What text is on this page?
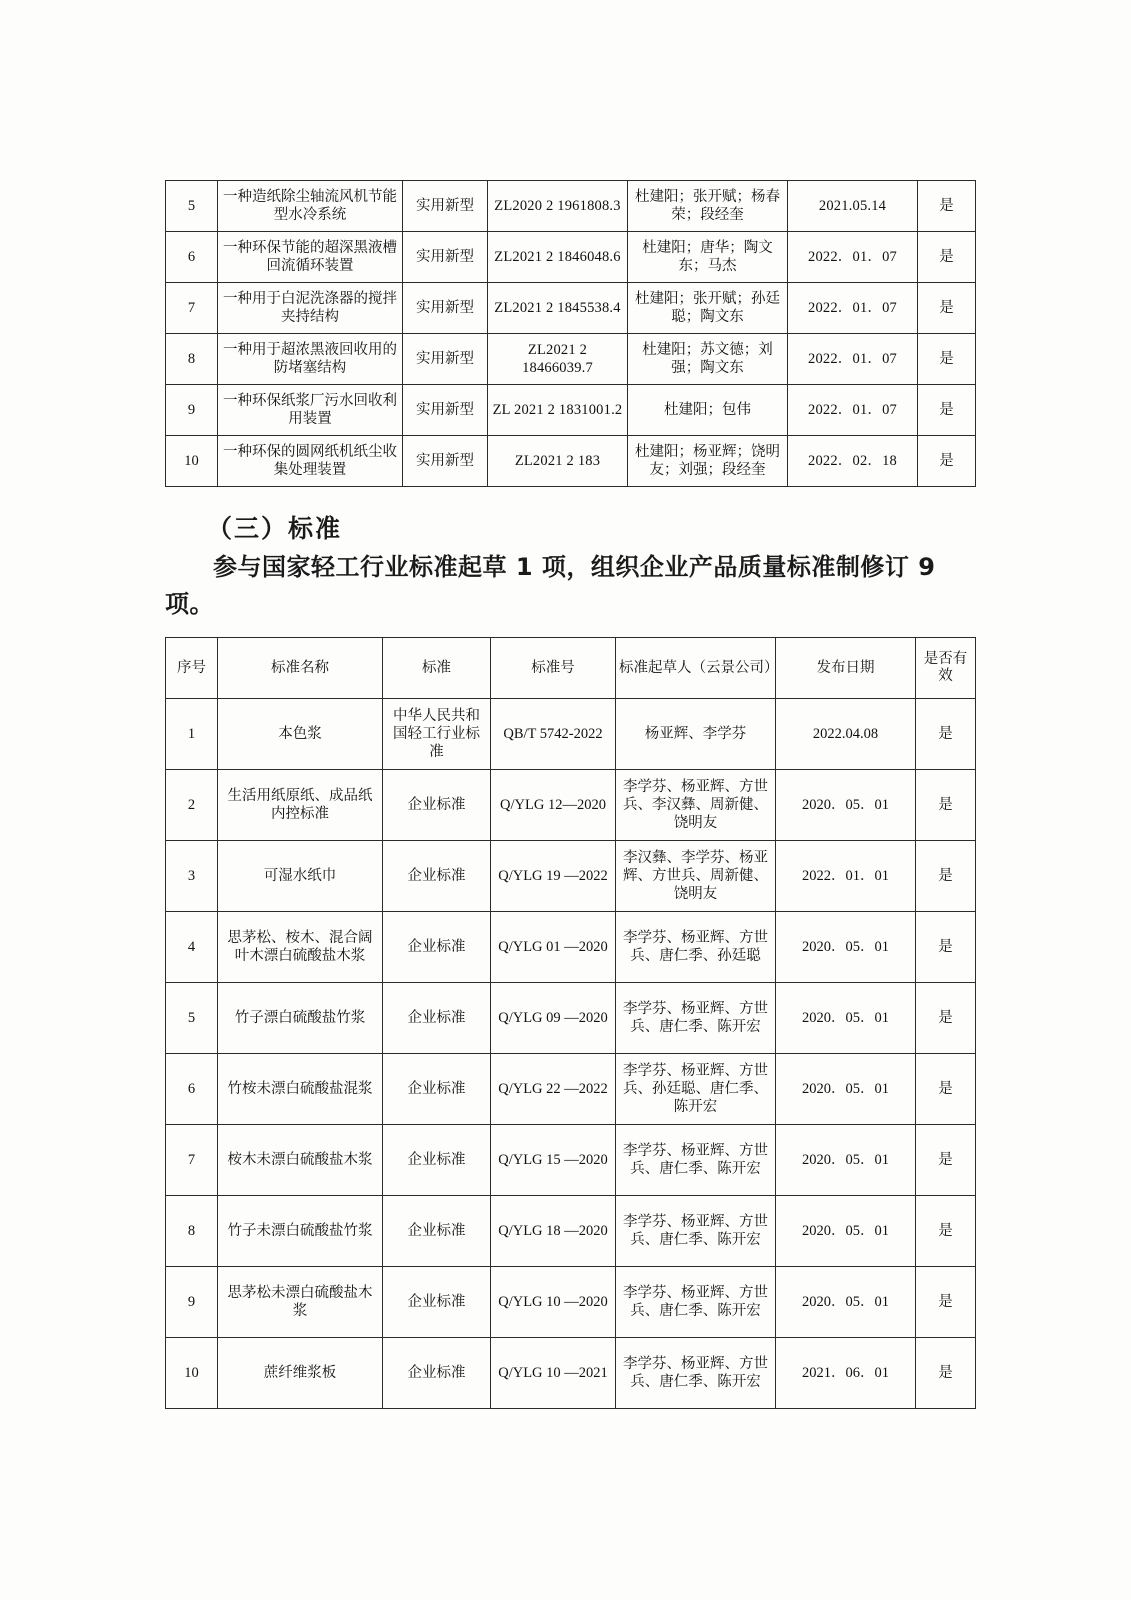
5	一种造纸除尘轴流风机节能型水冷系统	实用新型	ZL2020 2 1961808.3	杜建阳；张开赋；杨春荣；段经奎	2021.05.14	是
6	一种环保节能的超深黑液槽回流循环装置	实用新型	ZL2021 2 1846048.6	杜建阳；唐华；陶文东；马杰	2022．01．07	是
7	一种用于白泥洗涤器的搅拌夹持结构	实用新型	ZL2021 2 1845538.4	杜建阳；张开赋；孙廷聪；陶文东	2022．01．07	是
8	一种用于超浓黑液回收用的防堵塞结构	实用新型	ZL2021 2 18466039.7	杜建阳；苏文德；刘强；陶文东	2022．01．07	是
9	一种环保纸浆厂污水回收利用装置	实用新型	ZL 2021 2 1831001.2	杜建阳；包伟	2022．01．07	是
10	一种环保的圆网纸机纸尘收集处理装置	实用新型	ZL2021 2 183	杜建阳；杨亚辉；饶明友；刘强；段经奎	2022．02．18	是
（三）标准
参与国家轻工行业标准起草 1 项，组织企业产品质量标准制修订 9 项。
序号	标准名称	标准	标准号	标准起草人（云景公司）	发布日期	是否有效
1	本色浆	中华人民共和国轻工行业标准	QB/T 5742-2022	杨亚辉、李学芬	2022.04.08	是
2	生活用纸原纸、成品纸内控标准	企业标准	Q/YLG 12—2020	李学芬、杨亚辉、方世兵、李汉彝、周新健、饶明友	2020．05．01	是
3	可湿水纸巾	企业标准	Q/YLG 19 —2022	李汉彝、李学芬、杨亚辉、方世兵、周新健、饶明友	2022．01．01	是
4	思茅松、桉木、混合阔叶木漂白硫酸盐木浆	企业标准	Q/YLG 01 —2020	李学芬、杨亚辉、方世兵、唐仁季、孙廷聪	2020．05．01	是
5	竹子漂白硫酸盐竹浆	企业标准	Q/YLG 09 —2020	李学芬、杨亚辉、方世兵、唐仁季、陈开宏	2020．05．01	是
6	竹桉未漂白硫酸盐混浆	企业标准	Q/YLG 22 —2022	李学芬、杨亚辉、方世兵、孙廷聪、唐仁季、陈开宏	2020．05．01	是
7	桉木未漂白硫酸盐木浆	企业标准	Q/YLG 15 —2020	李学芬、杨亚辉、方世兵、唐仁季、陈开宏	2020．05．01	是
8	竹子未漂白硫酸盐竹浆	企业标准	Q/YLG 18 —2020	李学芬、杨亚辉、方世兵、唐仁季、陈开宏	2020．05．01	是
9	思茅松未漂白硫酸盐木浆	企业标准	Q/YLG 10 —2020	李学芬、杨亚辉、方世兵、唐仁季、陈开宏	2020．05．01	是
10	蔗纤维浆板	企业标准	Q/YLG 10 —2021	李学芬、杨亚辉、方世兵、唐仁季、陈开宏	2021．06．01	是
